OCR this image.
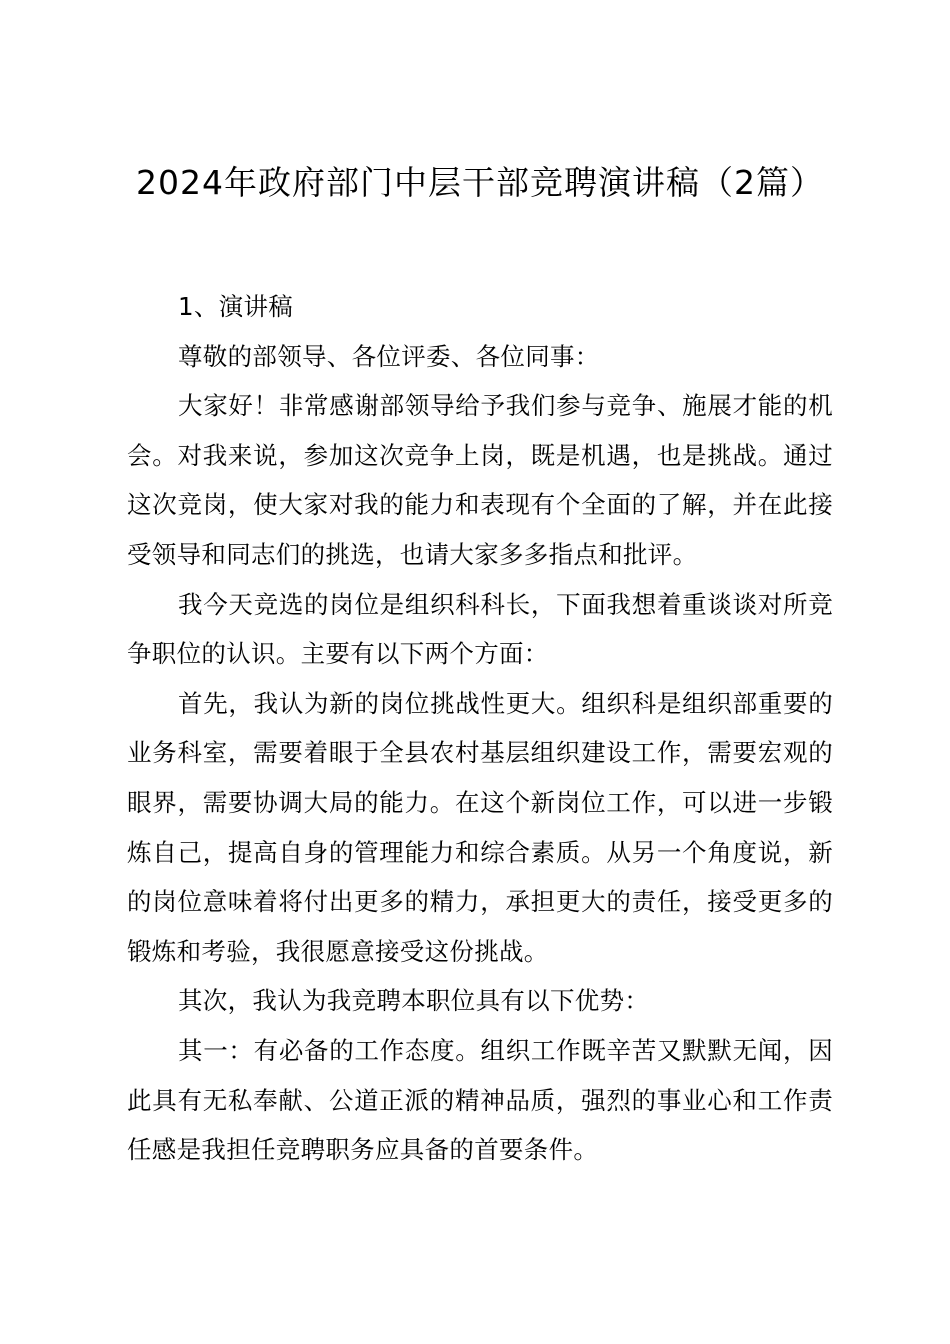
2024年政府部门中层干部竞聘演讲稿（2篇）

1、演讲稿

尊敬的部领导、各位评委、各位同事：

大家好！非常感谢部领导给予我们参与竞争、施展才能的机会。对我来说，参加这次竞争上岗，既是机遇，也是挑战。通过这次竞岗，使大家对我的能力和表现有个全面的了解，并在此接受领导和同志们的挑选，也请大家多多指点和批评。

我今天竞选的岗位是组织科科长，下面我想着重谈谈对所竞争职位的认识。主要有以下两个方面：

首先，我认为新的岗位挑战性更大。组织科是组织部重要的业务科室，需要着眼于全县农村基层组织建设工作，需要宏观的眼界，需要协调大局的能力。在这个新岗位工作，可以进一步锻炼自己，提高自身的管理能力和综合素质。从另一个角度说，新的岗位意味着将付出更多的精力，承担更大的责任，接受更多的锻炼和考验，我很愿意接受这份挑战。

其次，我认为我竞聘本职位具有以下优势：

其一：有必备的工作态度。组织工作既辛苦又默默无闻，因此具有无私奉献、公道正派的精神品质，强烈的事业心和工作责任感是我担任竞聘职务应具备的首要条件。
